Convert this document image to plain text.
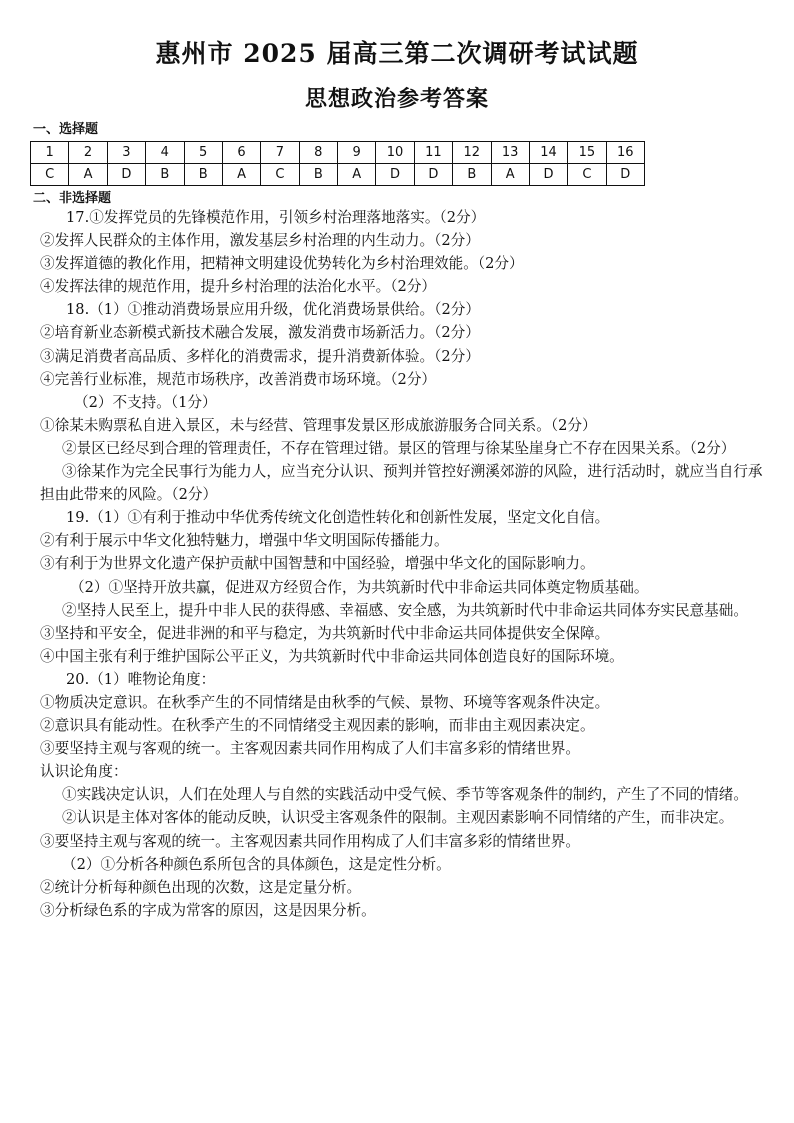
惠州市 2025 届高三第二次调研考试试题
思想政治参考答案
一、选择题
1	2	3	4	5	6	7	8	9	10	11	12	13	14	15	16
C	A	D	B	B	A	C	B	A	D	D	B	A	D	C	D
二、非选择题
17.①发挥党员的先锋模范作用，引领乡村治理落地落实。（2分）
②发挥人民群众的主体作用，激发基层乡村治理的内生动力。（2分）
③发挥道德的教化作用，把精神文明建设优势转化为乡村治理效能。（2分）
④发挥法律的规范作用，提升乡村治理的法治化水平。（2分）
18.（1）①推动消费场景应用升级，优化消费场景供给。（2分）
②培育新业态新模式新技术融合发展，激发消费市场新活力。（2分）
③满足消费者高品质、多样化的消费需求，提升消费新体验。（2分）
④完善行业标准，规范市场秩序，改善消费市场环境。（2分）
（2）不支持。（1分）
①徐某未购票私自进入景区，未与经营、管理事发景区形成旅游服务合同关系。（2分）
②景区已经尽到合理的管理责任，不存在管理过错。景区的管理与徐某坠崖身亡不存在因果关系。（2分）
③徐某作为完全民事行为能力人，应当充分认识、预判并管控好溯溪郊游的风险，进行活动时，就应当自行承担由此带来的风险。（2分）
19.（1）①有利于推动中华优秀传统文化创造性转化和创新性发展，坚定文化自信。
②有利于展示中华文化独特魅力，增强中华文明国际传播能力。
③有利于为世界文化遗产保护贡献中国智慧和中国经验，增强中华文化的国际影响力。
（2）①坚持开放共赢，促进双方经贸合作，为共筑新时代中非命运共同体奠定物质基础。
②坚持人民至上，提升中非人民的获得感、幸福感、安全感，为共筑新时代中非命运共同体夯实民意基础。
③坚持和平安全，促进非洲的和平与稳定，为共筑新时代中非命运共同体提供安全保障。
④中国主张有利于维护国际公平正义，为共筑新时代中非命运共同体创造良好的国际环境。
20.（1）唯物论角度：
①物质决定意识。在秋季产生的不同情绪是由秋季的气候、景物、环境等客观条件决定。
②意识具有能动性。在秋季产生的不同情绪受主观因素的影响，而非由主观因素决定。
③要坚持主观与客观的统一。主客观因素共同作用构成了人们丰富多彩的情绪世界。
认识论角度：
①实践决定认识，人们在处理人与自然的实践活动中受气候、季节等客观条件的制约，产生了不同的情绪。
②认识是主体对客体的能动反映，认识受主客观条件的限制。主观因素影响不同情绪的产生，而非决定。
③要坚持主观与客观的统一。主客观因素共同作用构成了人们丰富多彩的情绪世界。
（2）①分析各种颜色系所包含的具体颜色，这是定性分析。
②统计分析每种颜色出现的次数，这是定量分析。
③分析绿色系的字成为常客的原因，这是因果分析。
